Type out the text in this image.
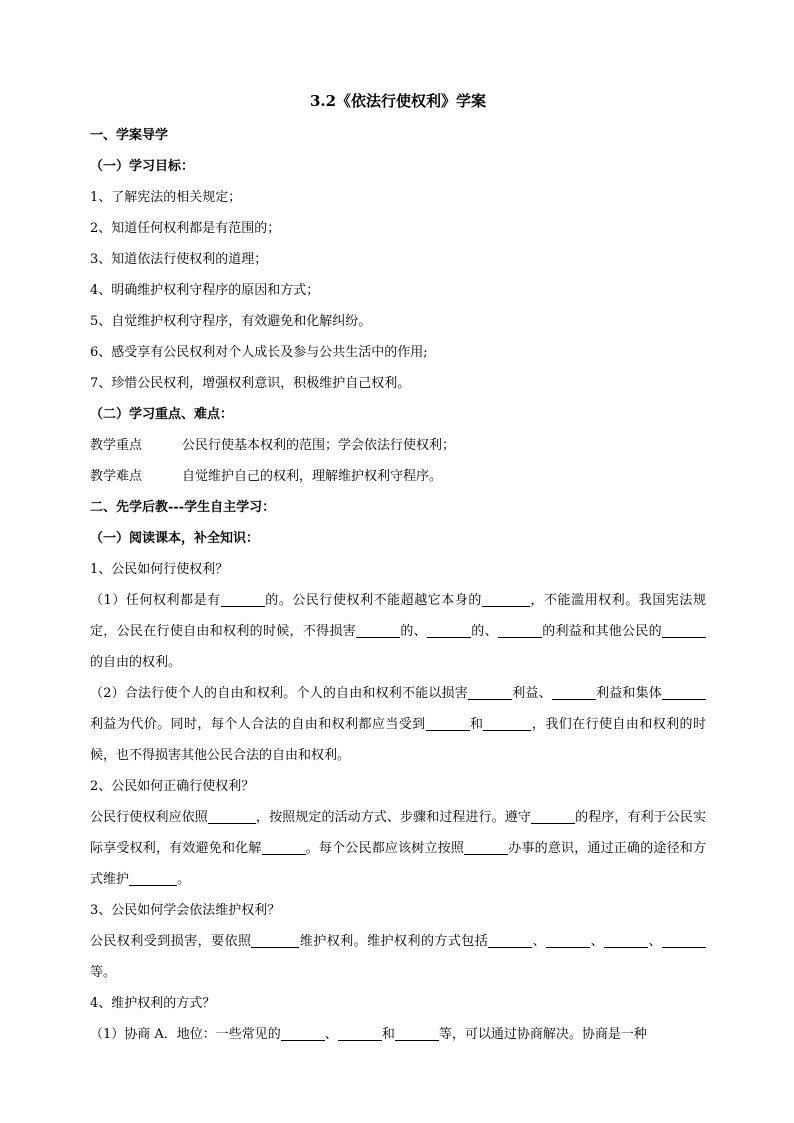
3.2《依法行使权利》学案
一、学案导学
（一）学习目标：
1、了解宪法的相关规定；
2、知道任何权利都是有范围的；
3、知道依法行使权利的道理；
4、明确维护权利守程序的原因和方式；
5、自觉维护权利守程序，有效避免和化解纠纷。
6、感受享有公民权利对个人成长及参与公共生活中的作用;
7、珍惜公民权利，增强权利意识，积极维护自己权利。
（二）学习重点、难点：
教学重点	公民行使基本权利的范围；学会依法行使权利；
教学难点	自觉维护自己的权利，理解维护权利守程序。
二、先学后教---学生自主学习：
（一）阅读课本，补全知识：
1、公民如何行使权利？
（1）任何权利都是有	的。公民行使权利不能超越它本身的	，不能滥用权利。我国宪法规定，公民在行使自由和权利的时候，不得损害	的、	的、	的利益和其他公民的的自由的权利。
（2）合法行使个人的自由和权利。个人的自由和权利不能以损害	利益、	利益和集体利益为代价。同时，每个人合法的自由和权利都应当受到	和	，我们在行使自由和权利的时候，也不得损害其他公民合法的自由和权利。
2、公民如何正确行使权利？
公民行使权利应依照	，按照规定的活动方式、步骤和过程进行。遵守	的程序，有利于公民实际享受权利，有效避免和化解	。每个公民都应该树立按照	办事的意识，通过正确的途径和方式维护	。
3、公民如何学会依法维护权利？
公民权利受到损害，要依照	维护权利。维护权利的方式包括	、	、	、等。
4、维护权利的方式？
（1）协商 A．地位：一些常见的	、	和	等，可以通过协商解决。协商是一种
